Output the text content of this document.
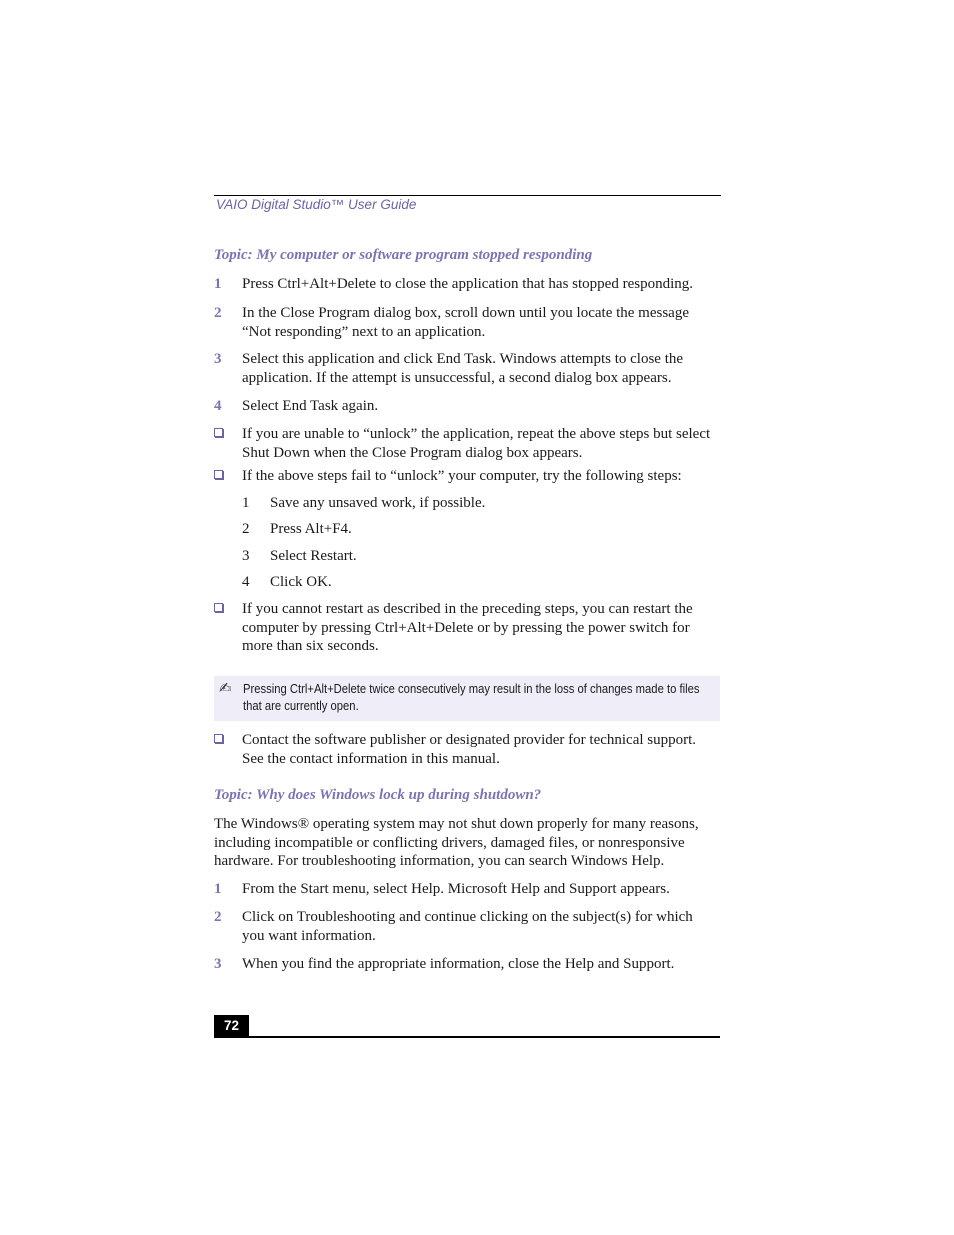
VAIO Digital Studio™ User Guide
Topic: My computer or software program stopped responding
1 Press Ctrl+Alt+Delete to close the application that has stopped responding.
2 In the Close Program dialog box, scroll down until you locate the message “Not responding” next to an application.
3 Select this application and click End Task. Windows attempts to close the application. If the attempt is unsuccessful, a second dialog box appears.
4 Select End Task again.
If you are unable to “unlock” the application, repeat the above steps but select Shut Down when the Close Program dialog box appears.
If the above steps fail to “unlock” your computer, try the following steps:
1 Save any unsaved work, if possible.
2 Press Alt+F4.
3 Select Restart.
4 Click OK.
If you cannot restart as described in the preceding steps, you can restart the computer by pressing Ctrl+Alt+Delete or by pressing the power switch for more than six seconds.
✍ Pressing Ctrl+Alt+Delete twice consecutively may result in the loss of changes made to files that are currently open.
Contact the software publisher or designated provider for technical support. See the contact information in this manual.
Topic: Why does Windows lock up during shutdown?
The Windows® operating system may not shut down properly for many reasons, including incompatible or conflicting drivers, damaged files, or nonresponsive hardware. For troubleshooting information, you can search Windows Help.
1 From the Start menu, select Help. Microsoft Help and Support appears.
2 Click on Troubleshooting and continue clicking on the subject(s) for which you want information.
3 When you find the appropriate information, close the Help and Support.
72
